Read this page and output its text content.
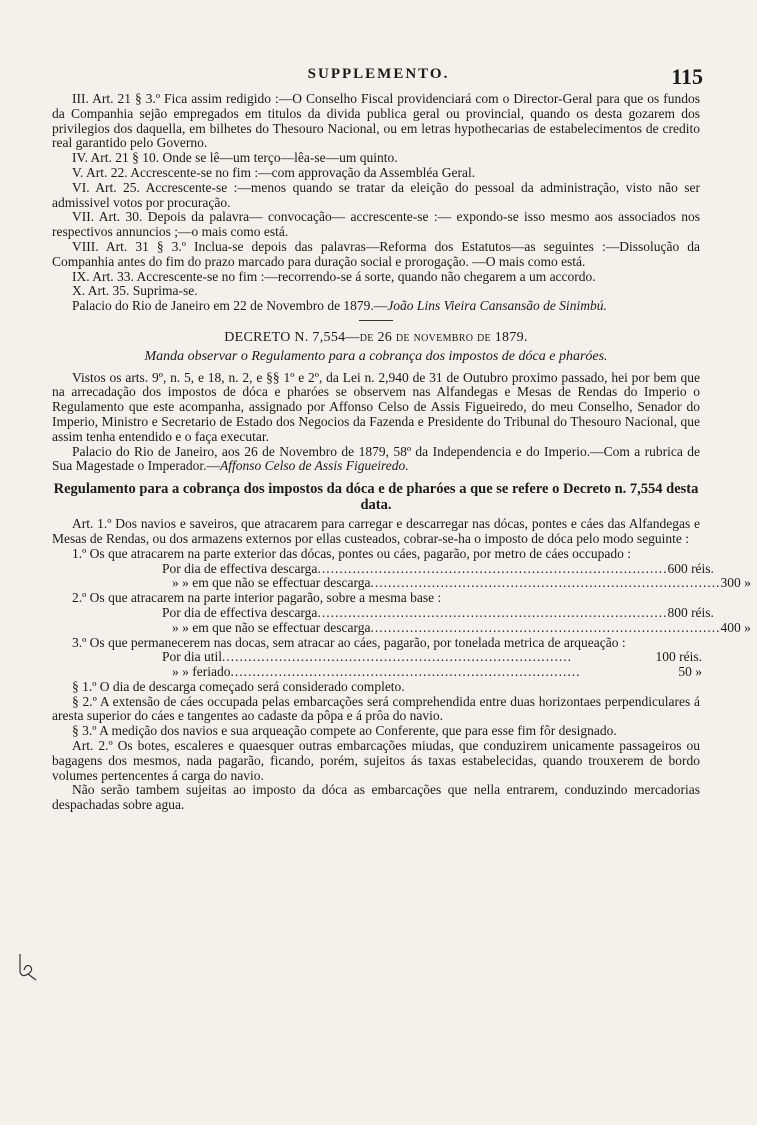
SUPPLEMENTO.	115

III. Art. 21 § 3.º Fica assim redigido :—O Conselho Fiscal providenciará com o Director-Geral para que os fundos da Companhia sejão empregados em titulos da divida publica geral ou provincial, quando os desta gozarem dos privilegios dos daquella, em bilhetes do Thesouro Nacional, ou em letras hypothecarias de estabelecimentos de credito real garantido pelo Governo.

IV. Art. 21 § 10. Onde se lê—um terço—lêa-se—um quinto.

V. Art. 22. Accrescente-se no fim :—com approvação da Assembléa Geral.

VI. Art. 25. Accrescente-se :—menos quando se tratar da eleição do pessoal da administração, visto não ser admissivel votos por procuração.

VII. Art. 30. Depois da palavra— convocação— accrescente-se :— expondo-se isso mesmo aos associados nos respectivos annuncios ;—o mais como está.

VIII. Art. 31 § 3.º Inclua-se depois das palavras—Reforma dos Estatutos—as seguintes :—Dissolução da Companhia antes do fim do prazo marcado para duração social e prorogação. —O mais como está.

IX. Art. 33. Accrescente-se no fim :—recorrendo-se á sorte, quando não chegarem a um accordo.

X. Art. 35. Suprima-se.

Palacio do Rio de Janeiro em 22 de Novembro de 1879.—João Lins Vieira Cansansão de Sinimbú.

DECRETO N. 7,554—de 26 de novembro de 1879.
Manda observar o Regulamento para a cobrança dos impostos de dóca e pharóes.

Vistos os arts. 9º, n. 5, e 18, n. 2, e §§ 1º e 2º, da Lei n. 2,940 de 31 de Outubro proximo passado, hei por bem que na arrecadação dos impostos de dóca e pharóes se observem nas Alfandegas e Mesas de Rendas do Imperio o Regulamento que este acompanha, assignado por Affonso Celso de Assis Figueiredo, do meu Conselho, Senador do Imperio, Ministro e Secretario de Estado dos Negocios da Fazenda e Presidente do Tribunal do Thesouro Nacional, que assim tenha entendido e o faça executar.

Palacio do Rio de Janeiro, aos 26 de Novembro de 1879, 58º da Independencia e do Imperio.—Com a rubrica de Sua Magestade o Imperador.—Affonso Celso de Assis Figueiredo.

Regulamento para a cobrança dos impostos da dóca e de pharóes a que se refere o Decreto n. 7,554 desta data.

Art. 1.º Dos navios e saveiros, que atracarem para carregar e descarregar nas dócas, pontes e cáes das Alfandegas e Mesas de Rendas, ou dos armazens externos por ellas custeados, cobrar-se-ha o imposto de dóca pelo modo seguinte :

1.º Os que atracarem na parte exterior das dócas, pontes ou cáes, pagarão, por metro de cáes occupado :

Por dia de effectiva descarga ................................................................................ 600 réis.
» » em que não se effectuar descarga ................................................................................ 300 »

2.º Os que atracarem na parte interior pagarão, sobre a mesma base :

Por dia de effectiva descarga ................................................................................ 800 réis.
» » em que não se effectuar descarga ................................................................................ 400 »

3.º Os que permanecerem nas docas, sem atracar ao cáes, pagarão, por tonelada metrica de arqueação :

Por dia util ................................................................................	100 réis.
» » feriado ................................................................................	50 »

§ 1.º O dia de descarga começado será considerado completo.

§ 2.º A extensão de cáes occupada pelas embarcações será comprehendida entre duas horizontaes perpendiculares á aresta superior do cáes e tangentes ao cadaste da pôpa e á prôa do navio.

§ 3.º A medição dos navios e sua arqueação compete ao Conferente, que para esse fim fôr designado.

Art. 2.º Os botes, escaleres e quaesquer outras embarcações miudas, que conduzirem unicamente passageiros ou bagagens dos mesmos, nada pagarão, ficando, porém, sujeitos ás taxas estabelecidas, quando trouxerem de bordo volumes pertencentes á carga do navio.

Não serão tambem sujeitas ao imposto da dóca as embarcações que nella entrarem, conduzindo mercadorias despachadas sobre agua.
